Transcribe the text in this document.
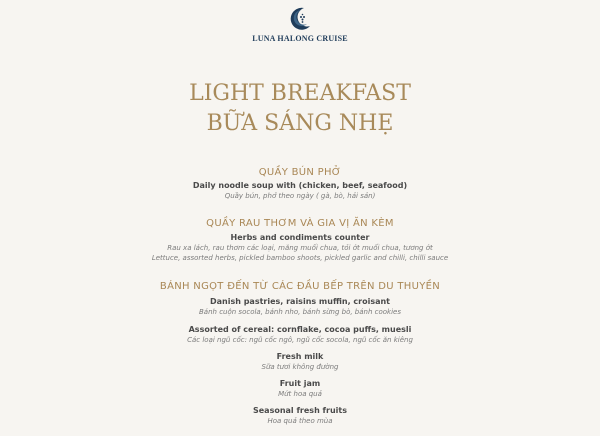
LUNA HALONG CRUISE
LIGHT BREAKFAST
BỮA SÁNG NHẸ
QUẦY BÚN PHỞ
Daily noodle soup with (chicken, beef, seafood)
Quầy bún, phở theo ngày ( gà, bò, hải sản)
QUẦY RAU THƠM VÀ GIA VỊ ĂN KÈM
Herbs and condiments counter
Rau xa lách, rau thơm các loại, măng muối chua, tỏi ớt muối chua, tương ớt
Lettuce, assorted herbs, pickled bamboo shoots, pickled garlic and chilli, chilli sauce
BÁNH NGỌT ĐẾN TỪ CÁC ĐẦU BẾP TRÊN DU THUYỀN
Danish pastries, raisins muffin, croisant
Bánh cuộn socola, bánh nho, bánh sừng bò, bánh cookies
Assorted of cereal: cornflake, cocoa puffs, muesli
Các loại ngũ cốc: ngũ cốc ngô, ngũ cốc socola, ngũ cốc ăn kiêng
Fresh milk
Sữa tươi không đường
Fruit jam
Mứt hoa quả
Seasonal fresh fruits
Hoa quả theo mùa
